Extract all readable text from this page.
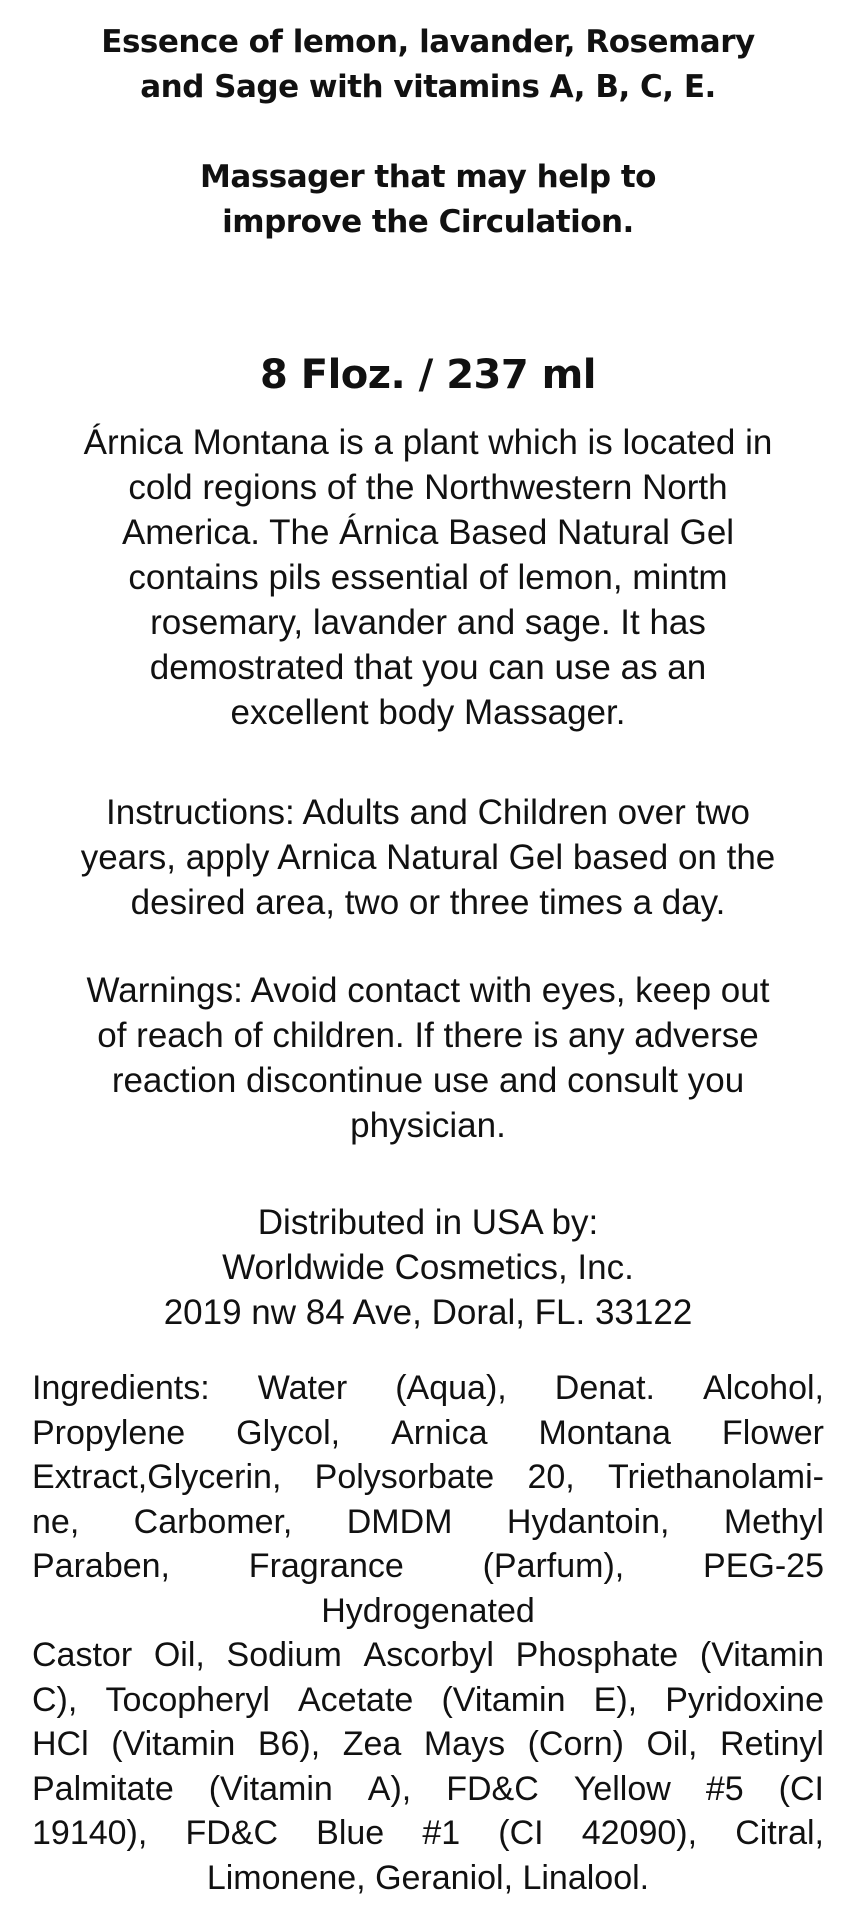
Essence of lemon, lavander, Rosemary
and Sage with vitamins A, B, C, E.
Massager that may help to
improve the Circulation.
8 Floz. / 237 ml
Árnica Montana is a plant which is located in
cold regions of the Northwestern North
America. The Árnica Based Natural Gel
contains pils essential of lemon, mintm
rosemary, lavander and sage. It has
demostrated that you can use as an
excellent body Massager.
Instructions: Adults and Children over two
years, apply Arnica Natural Gel based on the
desired area, two or three times a day.
Warnings: Avoid contact with eyes, keep out
of reach of children. If there is any adverse
reaction discontinue use and consult you
physician.
Distributed in USA by:
Worldwide Cosmetics, Inc.
2019 nw 84 Ave, Doral, FL. 33122
Ingredients: Water (Aqua), Denat. Alcohol,
Propylene Glycol, Arnica Montana Flower
Extract,Glycerin, Polysorbate 20, Triethanolami-
ne, Carbomer, DMDM Hydantoin, Methyl
Paraben, Fragrance (Parfum), PEG-25
Hydrogenated
Castor Oil, Sodium Ascorbyl Phosphate (Vitamin
C), Tocopheryl Acetate (Vitamin E), Pyridoxine
HCl (Vitamin B6), Zea Mays (Corn) Oil, Retinyl
Palmitate (Vitamin A), FD&C Yellow #5 (CI
19140), FD&C Blue #1 (CI 42090), Citral,
Limonene, Geraniol, Linalool.
